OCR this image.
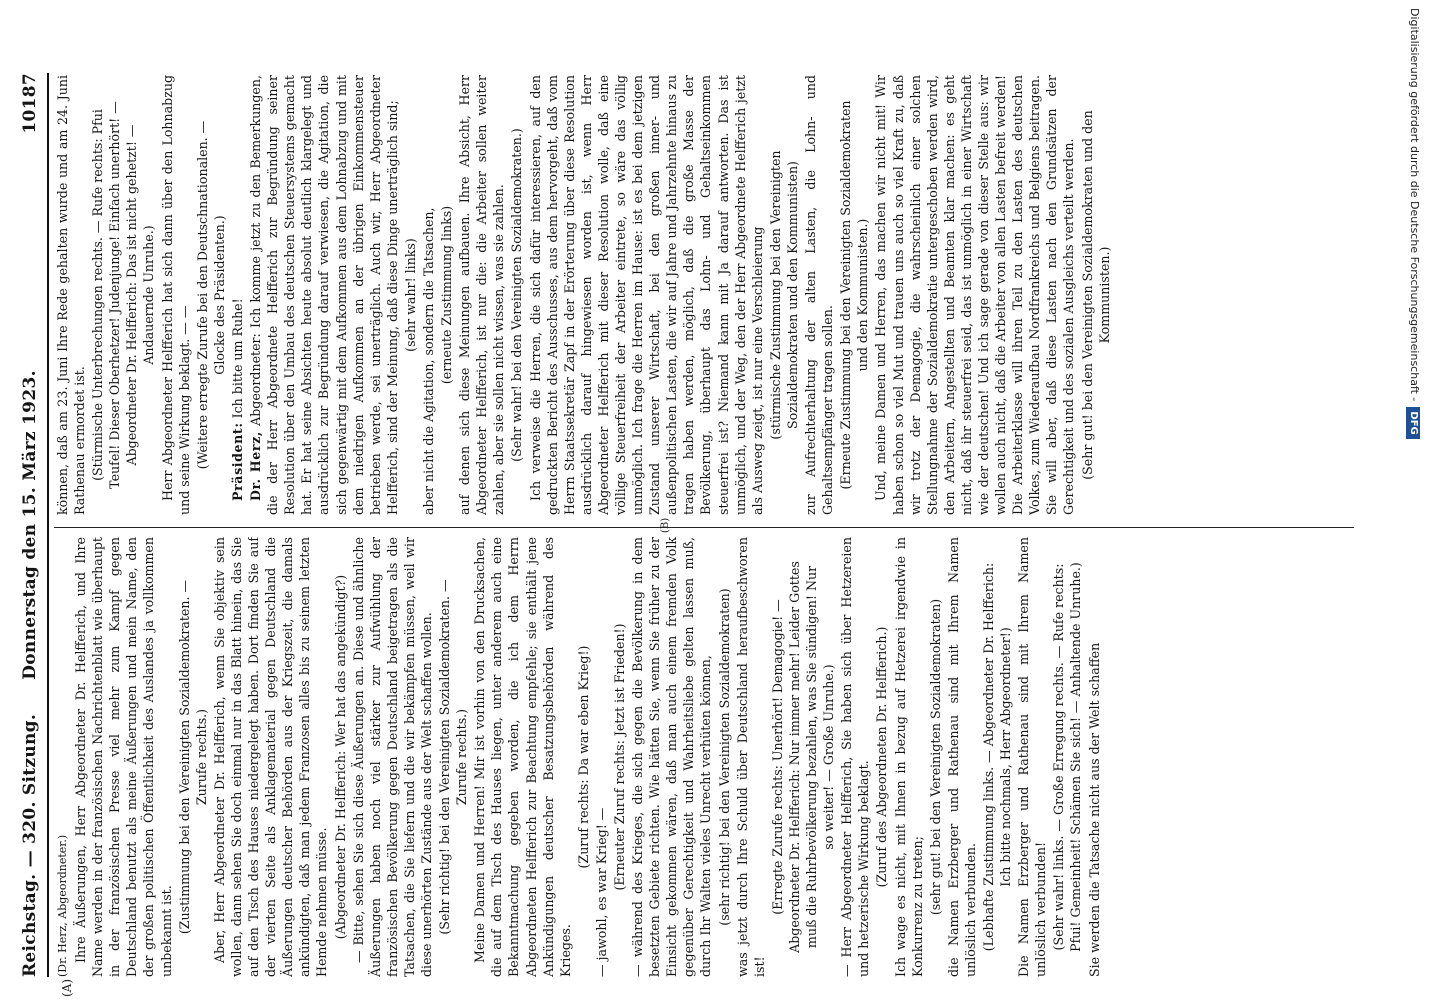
Reichstag. — 320. Sitzung.
Donnerstag den 15. März 1923.
10187

(Dr. Herz, Abgeordneter.) Ihre Äußerungen, Herr Abgeordneter Dr. Helfferich, und Ihre Name werden in der französischen Nachrichtenblatt wie überhaupt in der französischen Presse viel mehr zum Kampf gegen Deutschland benutzt als meine Äußerungen und mein Name, den der großen politischen Öffentlichkeit des Auslandes ja vollkommen unbekannt ist. (Zustimmung bei den Vereinigten Sozialdemokraten. — Zurufe rechts.) Aber, Herr Abgeordneter Dr. Helfferich, wenn Sie objektiv sein wollen, dann sehen Sie doch einmal nur in das Blatt hinein, das Sie auf den Tisch des Hauses niedergelegt haben. Dort finden Sie auf der vierten Seite als Anklagematerial gegen Deutschland die Äußerungen deutscher Behörden aus der Kriegszeit, die damals ankündigten, daß man jedem Franzosen alles bis zu seinem letzten Hemde nehmen müsse. (Abgeordneter Dr. Helfferich: Wer hat das angekündigt?) — Bitte, sehen Sie sich diese Äußerungen an. Diese und ähnliche Äußerungen haben noch viel stärker zur Aufwühlung der französischen Bevölkerung gegen Deutschland beigetragen als die Tatsachen, die Sie liefern und die wir bekämpfen müssen, weil wir diese unerhörten Zustände aus der Welt schaffen wollen. (Sehr richtig! bei den Vereinigten Sozialdemokraten. — Zurufe rechts.) Meine Damen und Herren! Mir ist vorhin von den Drucksachen, die auf dem Tisch des Hauses liegen, unter anderem auch eine Bekanntmachung gegeben worden, die ich dem Herrn Abgeordneten Helfferich zur Beachtung empfehle; sie enthält jene Ankündigungen deutscher Besatzungsbehörden während des Krieges.

(Zuruf rechts: Da war eben Krieg!)

— jawohl, es war Krieg! —

(Erneuter Zuruf rechts: Jetzt ist Frieden!) — während des Krieges, die sich gegen die Bevölkerung in dem besetzten Gebiete richten. Wie hätten Sie, wenn Sie früher zu der Einsicht gekommen wären, daß man auch einem fremden Volk gegenüber Gerechtigkeit und Wahrheitsliebe gelten lassen muß, durch Ihr Walten vieles Unrecht verhüten können, (sehr richtig! bei den Vereinigten Sozialdemokraten) was jetzt durch Ihre Schuld über Deutschland heraufbeschworen ist!

(Erregte Zurufe rechts: Unerhört! Demagogie! — Abgeordneter Dr. Helfferich: Nur immer mehr! Leider Gottes muß die Ruhrbevölkerung bezahlen, was Sie sündigen! Nur so weiter! — Große Unruhe.) — Herr Abgeordneter Helfferich, Sie haben sich über Hetzereien und hetzerische Wirkung beklagt. (Zuruf des Abgeordneten Dr. Helfferich.) Ich wage es nicht, mit Ihnen in bezug auf Hetzerei irgendwie in Konkurrenz zu treten; (sehr gut! bei den Vereinigten Sozialdemokraten) die Namen Erzberger und Rathenau sind mit Ihrem Namen unlöslich verbunden. (Lebhafte Zustimmung links. — Abgeordneter Dr. Helfferich: Ich bitte nochmals, Herr Abgeordneter!) Die Namen Erzberger und Rathenau sind mit Ihrem Namen unlöslich verbunden! (Sehr wahr! links. — Große Erregung rechts. — Rufe rechts: Pfui! Gemeinheit! Schämen Sie sich! — Anhaltende Unruhe.) Sie werden die Tatsache nicht aus der Welt schaffen

können, daß am 23. Juni Ihre Rede gehalten wurde und am 24. Juni Rathenau ermordet ist. (Stürmische Unterbrechungen rechts. — Rufe rechts: Pfui Teufel! Dieser Oberhetzer! Judenjunge! Einfach unerhört! — Abgeordneter Dr. Helfferich: Das ist nicht gehetzt! — Andauernde Unruhe.) Herr Abgeordneter Helfferich hat sich dann über den Lohnabzug und seine Wirkung beklagt. — — (Weitere erregte Zurufe bei den Deutschnationalen. — Glocke des Präsidenten.)

Präsident: Ich bitte um Ruhe!

Dr. Herz, Abgeordneter: Ich komme jetzt zu den Bemerkungen, die der Herr Abgeordnete Helfferich zur Begründung seiner Resolution über den Umbau des deutschen Steuersystems gemacht hat. Er hat seine Absichten heute absolut deutlich klargelegt und ausdrücklich zur Begründung darauf verwiesen, die Agitation, die sich gegenwärtig mit dem Aufkommen aus dem Lohnabzug und mit dem niedrigen Aufkommen an der übrigen Einkommensteuer betrieben werde, sei unerträglich. Auch wir, Herr Abgeordneter Helfferich, sind der Meinung, daß diese Dinge unerträglich sind; (sehr wahr! links) aber nicht die Agitation, sondern die Tatsachen, (erneute Zustimmung links) auf denen sich diese Meinungen aufbauen. Ihre Absicht, Herr Abgeordneter Helfferich, ist nur die: die Arbeiter sollen weiter zahlen, aber sie sollen nicht wissen, was sie zahlen. (Sehr wahr! bei den Vereinigten Sozialdemokraten.) Ich verweise die Herren, die sich dafür interessieren, auf den gedruckten Bericht des Ausschusses, aus dem hervorgeht, daß vom Herrn Staatssekretär Zapf in der Erörterung über diese Resolution ausdrücklich darauf hingewiesen worden ist, wenn Herr Abgeordneter Helfferich mit dieser Resolution wolle, daß eine völlige Steuerfreiheit der Arbeiter eintrete, so wäre das völlig unmöglich. Ich frage die Herren im Hause: ist es bei dem jetzigen Zustand unserer Wirtschaft, bei den großen inner- und außenpolitischen Lasten, die wir auf Jahre und Jahrzehnte hinaus zu tragen haben werden, möglich, daß die große Masse der Bevölkerung, überhaupt das Lohn- und Gehaltseinkommen steuerfrei ist? Niemand kann mit Ja darauf antworten. Das ist unmöglich, und der Weg, den der Herr Abgeordnete Helfferich jetzt als Ausweg zeigt, ist nur eine Verschleierung (stürmische Zustimmung bei den Vereinigten Sozialdemokraten und den Kommunisten) zur Aufrechterhaltung der alten Lasten, die Lohn- und Gehaltsempfänger tragen sollen. (Erneute Zustimmung bei den Vereinigten Sozialdemokraten und den Kommunisten.) Und, meine Damen und Herren, das machen wir nicht mit! Wir haben schon so viel Mut und trauen uns auch so viel Kraft zu, daß wir trotz der Demagogie, die wahrscheinlich einer solchen Stellungnahme der Sozialdemokratie untergeschoben werden wird, den Arbeitern, Angestellten und Beamten klar machen: es geht nicht, daß ihr steuerfrei seid, das ist unmöglich in einer Wirtschaft wie der deutschen! Und ich sage gerade von dieser Stelle aus: wir wollen auch nicht, daß die Arbeiter von allen Lasten befreit werden! Die Arbeiterklasse will ihren Teil zu den Lasten des deutschen Volkes, zum Wiederaufbau Nordfrankreichs und Belgiens beitragen. Sie will aber, daß diese Lasten nach den Grundsätzen der Gerechtigkeit und des sozialen Ausgleichs verteilt werden. (Sehr gut! bei den Vereinigten Sozialdemokraten und den Kommunisten.)

(A)
(B)
Digitalisierung gefördert durch die Deutsche Forschungsgemeinschaft -DFG
